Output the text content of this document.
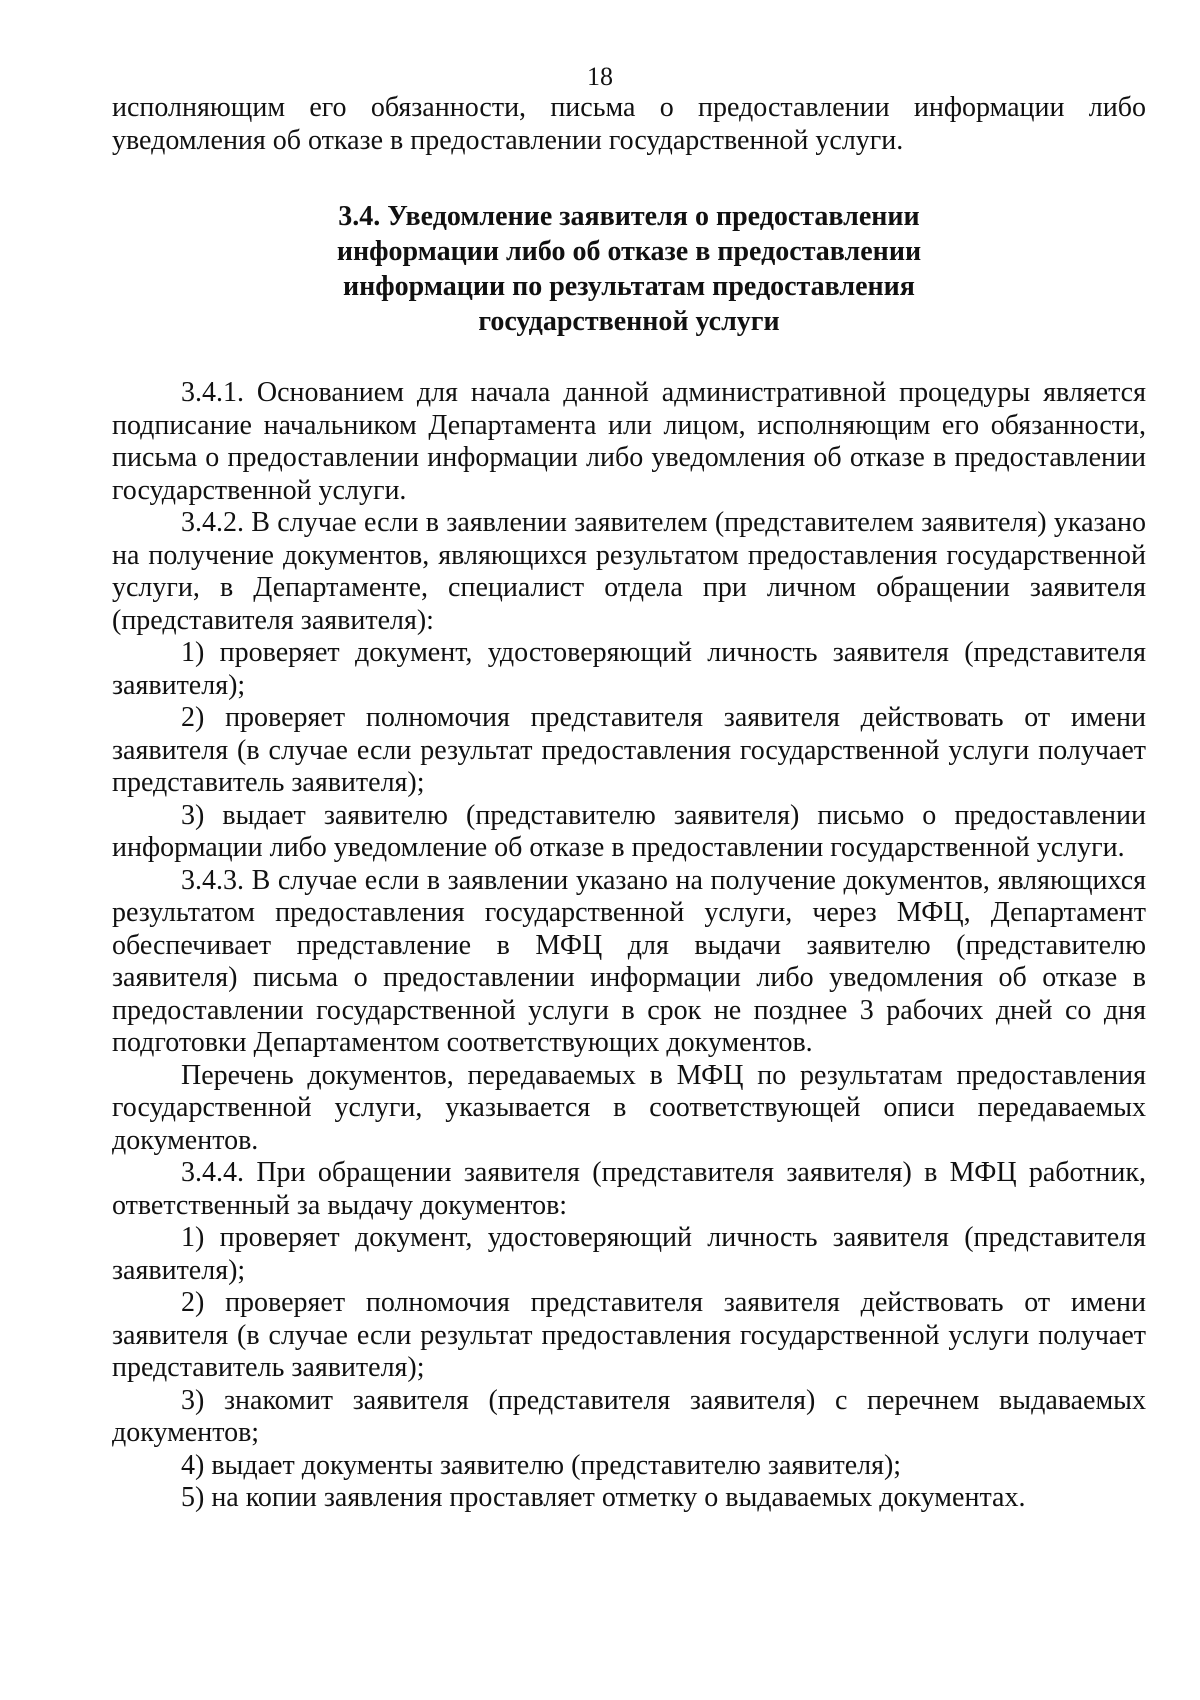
18

исполняющим его обязанности, письма о предоставлении информации либо уведомления об отказе в предоставлении государственной услуги.

3.4. Уведомление заявителя о предоставлении
информации либо об отказе в предоставлении
информации по результатам предоставления
государственной услуги

3.4.1. Основанием для начала данной административной процедуры является подписание начальником Департамента или лицом, исполняющим его обязанности, письма о предоставлении информации либо уведомления об отказе в предоставлении государственной услуги.

3.4.2. В случае если в заявлении заявителем (представителем заявителя) указано на получение документов, являющихся результатом предоставления государственной услуги, в Департаменте, специалист отдела при личном обращении заявителя (представителя заявителя):

1) проверяет документ, удостоверяющий личность заявителя (представителя заявителя);

2) проверяет полномочия представителя заявителя действовать от имени заявителя (в случае если результат предоставления государственной услуги получает представитель заявителя);

3) выдает заявителю (представителю заявителя) письмо о предоставлении информации либо уведомление об отказе в предоставлении государственной услуги.

3.4.3. В случае если в заявлении указано на получение документов, являющихся результатом предоставления государственной услуги, через МФЦ, Департамент обеспечивает представление в МФЦ для выдачи заявителю (представителю заявителя) письма о предоставлении информации либо уведомления об отказе в предоставлении государственной услуги в срок не позднее 3 рабочих дней со дня подготовки Департаментом соответствующих документов.

Перечень документов, передаваемых в МФЦ по результатам предоставления государственной услуги, указывается в соответствующей описи передаваемых документов.

3.4.4. При обращении заявителя (представителя заявителя) в МФЦ работник, ответственный за выдачу документов:

1) проверяет документ, удостоверяющий личность заявителя (представителя заявителя);

2) проверяет полномочия представителя заявителя действовать от имени заявителя (в случае если результат предоставления государственной услуги получает представитель заявителя);

3) знакомит заявителя (представителя заявителя) с перечнем выдаваемых документов;

4) выдает документы заявителю (представителю заявителя);

5) на копии заявления проставляет отметку о выдаваемых документах.
